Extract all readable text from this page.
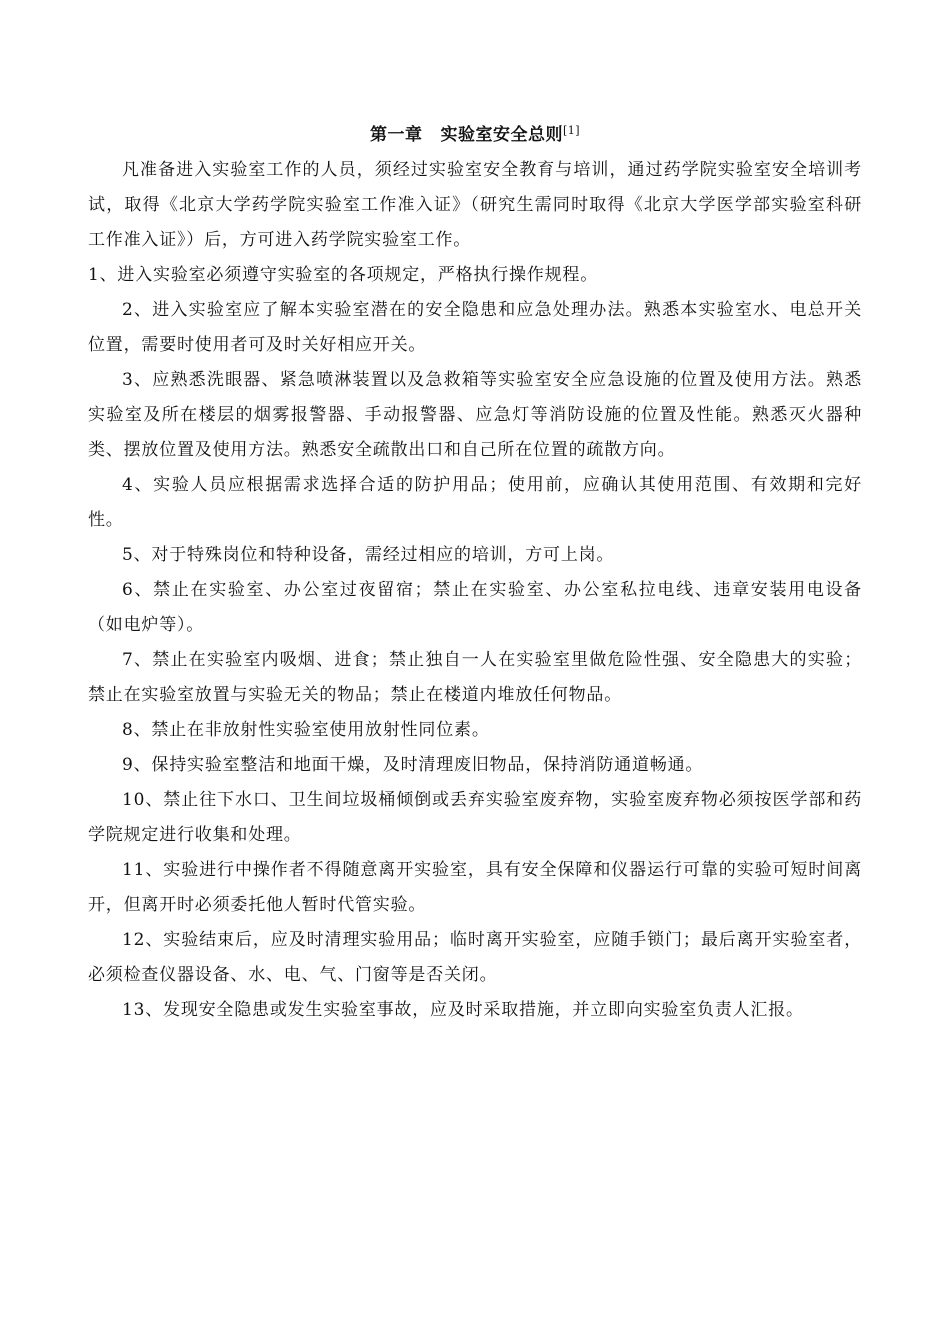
第一章 实验室安全总则[1]

凡准备进入实验室工作的人员，须经过实验室安全教育与培训，通过药学院实验室安全培训考试，取得《北京大学药学院实验室工作准入证》（研究生需同时取得《北京大学医学部实验室科研工作准入证》）后，方可进入药学院实验室工作。

1、进入实验室必须遵守实验室的各项规定，严格执行操作规程。

2、进入实验室应了解本实验室潜在的安全隐患和应急处理办法。熟悉本实验室水、电总开关位置，需要时使用者可及时关好相应开关。

3、应熟悉洗眼器、紧急喷淋装置以及急救箱等实验室安全应急设施的位置及使用方法。熟悉实验室及所在楼层的烟雾报警器、手动报警器、应急灯等消防设施的位置及性能。熟悉灭火器种类、摆放位置及使用方法。熟悉安全疏散出口和自己所在位置的疏散方向。

4、实验人员应根据需求选择合适的防护用品；使用前，应确认其使用范围、有效期和完好性。

5、对于特殊岗位和特种设备，需经过相应的培训，方可上岗。

6、禁止在实验室、办公室过夜留宿；禁止在实验室、办公室私拉电线、违章安装用电设备（如电炉等）。

7、禁止在实验室内吸烟、进食；禁止独自一人在实验室里做危险性强、安全隐患大的实验；禁止在实验室放置与实验无关的物品；禁止在楼道内堆放任何物品。

8、禁止在非放射性实验室使用放射性同位素。

9、保持实验室整洁和地面干燥，及时清理废旧物品，保持消防通道畅通。

10、禁止往下水口、卫生间垃圾桶倾倒或丢弃实验室废弃物，实验室废弃物必须按医学部和药学院规定进行收集和处理。

11、实验进行中操作者不得随意离开实验室，具有安全保障和仪器运行可靠的实验可短时间离开，但离开时必须委托他人暂时代管实验。

12、实验结束后，应及时清理实验用品；临时离开实验室，应随手锁门；最后离开实验室者，必须检查仪器设备、水、电、气、门窗等是否关闭。

13、发现安全隐患或发生实验室事故，应及时采取措施，并立即向实验室负责人汇报。
